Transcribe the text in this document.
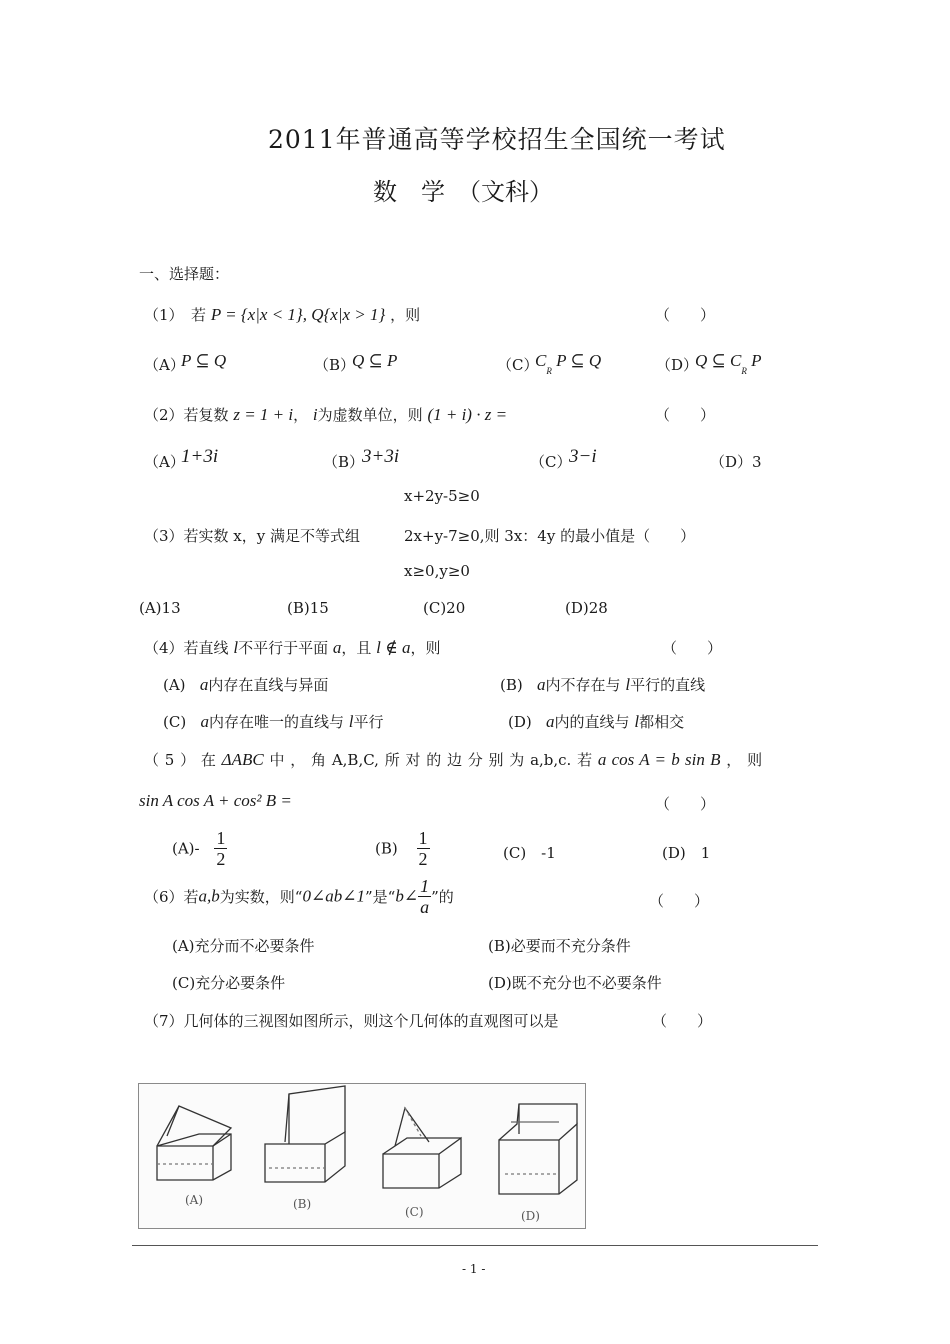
2011年普通高等学校招生全国统一考试
数　学　（文科）
一、选择题：
（1）　若 P = {x|x < 1}, Q{x|x > 1} ，则	（　　）
（A）
P ⊆ Q	（B）
Q ⊆ P	（C）
$C_R$ P ⊆ Q	（D）
Q ⊆ $C_R$ P
（2）若复数 z = 1 + i， i为虚数单位，则 (1 + i) · z =	（　　）
（A）
1+3i	（B）
3+3i	（C）
3−i	（D）3
x+2y-5≥0
（3）若实数 x，y 满足不等式组	2x+y-7≥0,则 3x：4y 的最小值是（　　）
x≥0,y≥0
(A)13	(B)15	(C)20	(D)28
（4）若直线 l不平行于平面 a，且 l ∉ a，则	（　　）
(A) a内存在直线与异面	(B) a内不存在与 l平行的直线
(C) a内存在唯一的直线与 l平行	(D) a内的直线与 l都相交
（ 5 ） 在 ΔABC 中 ， 角 A,B,C, 所 对 的 边 分 别 为 a,b,c. 若 a cos A = b sin B ， 则
sin A cos A + cos² B =	（　　）
$(A)- \frac{1}{2}$	$(B) \frac{1}{2}$	(C)　-1	(D)　1
（6）若a,b为实数，则“0∠ab∠1”是“b∠ $\frac{1}{a}$ ”的	（　　）
(A)充分而不必要条件	(B)必要而不充分条件
(C)充分必要条件	(D)既不充分也不必要条件
（7）几何体的三视图如图所示，则这个几何体的直观图可以是	（　　）
(A)	(B)
(C)	(D)
- 1 -
